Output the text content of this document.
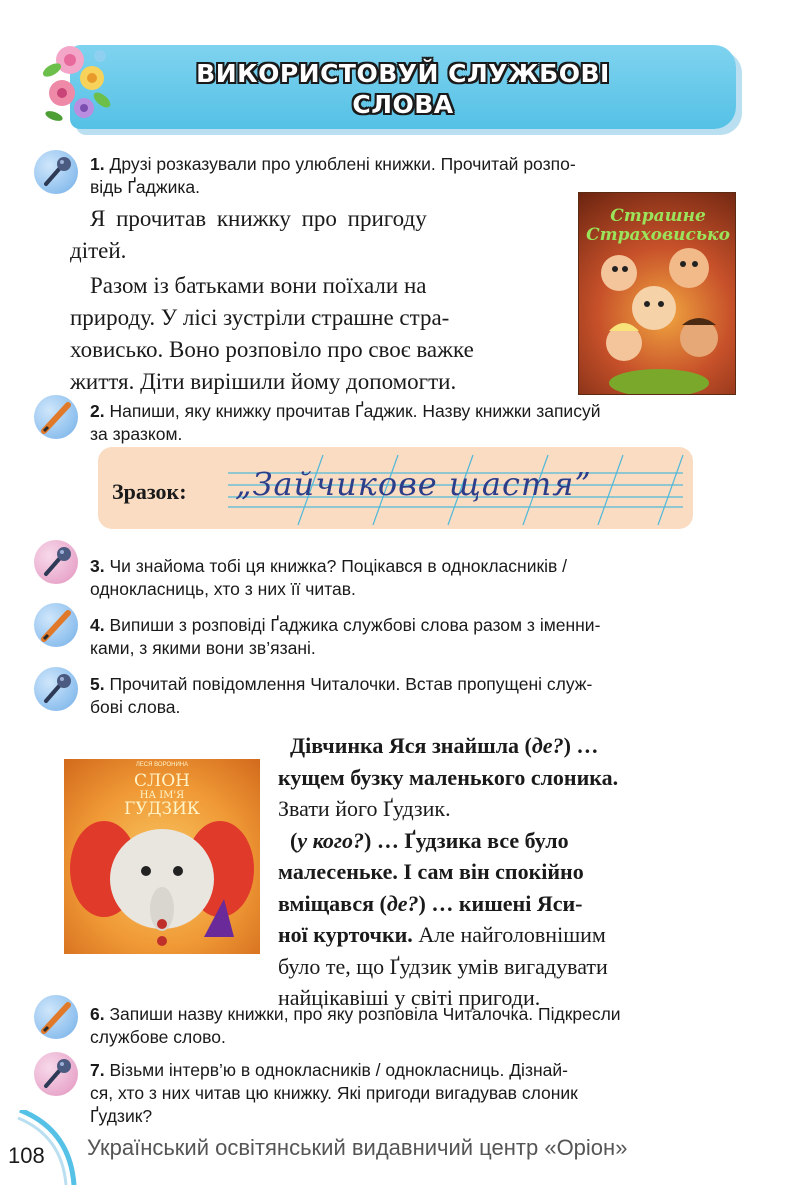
ВИКОРИСТОВУЙ СЛУЖБОВІ
СЛОВА
1. Друзі розказували про улюблені книжки. Прочитай розпо-
відь Ґаджика.
Я прочитав книжку про пригоду
дітей.
Разом із батьками вони поїхали на
природу. У лісі зустріли страшне стра-
ховисько. Воно розповіло про своє важке
життя. Діти вирішили йому допомогти.
Страшне
Страховисько
2. Напиши, яку книжку прочитав Ґаджик. Назву книжки записуй
за зразком.
Зразок: „Зайчикове щастя”
3. Чи знайома тобі ця книжка? Поцікався в однокласників /
однокласниць, хто з них її читав.
4. Випиши з розповіді Ґаджика службові слова разом з іменни-
ками, з якими вони зв’язані.
5. Прочитай повідомлення Читалочки. Встав пропущені служ-
бові слова.
ЛЕСЯ ВОРОНИНА
СЛОН
НА ІМ'Я
ГУДЗИК
Дівчинка Яся знайшла (де?) …
кущем бузку маленького слоника.
Звати його Ґудзик.
(у кого?) … Ґудзика все було
малесеньке. І сам він спокійно
вміщався (де?) … кишені Яси-
ної курточки. Але найголовнішим
було те, що Ґудзик умів вигадувати
найцікавіші у світі пригоди.
6. Запиши назву книжки, про яку розповіла Читалочка. Підкресли
службове слово.
7. Візьми інтерв’ю в однокласників / однокласниць. Дізнай-
ся, хто з них читав цю книжку. Які пригоди вигадував слоник
Ґудзик?
108 Український освітянський видавничий центр «Оріон»
